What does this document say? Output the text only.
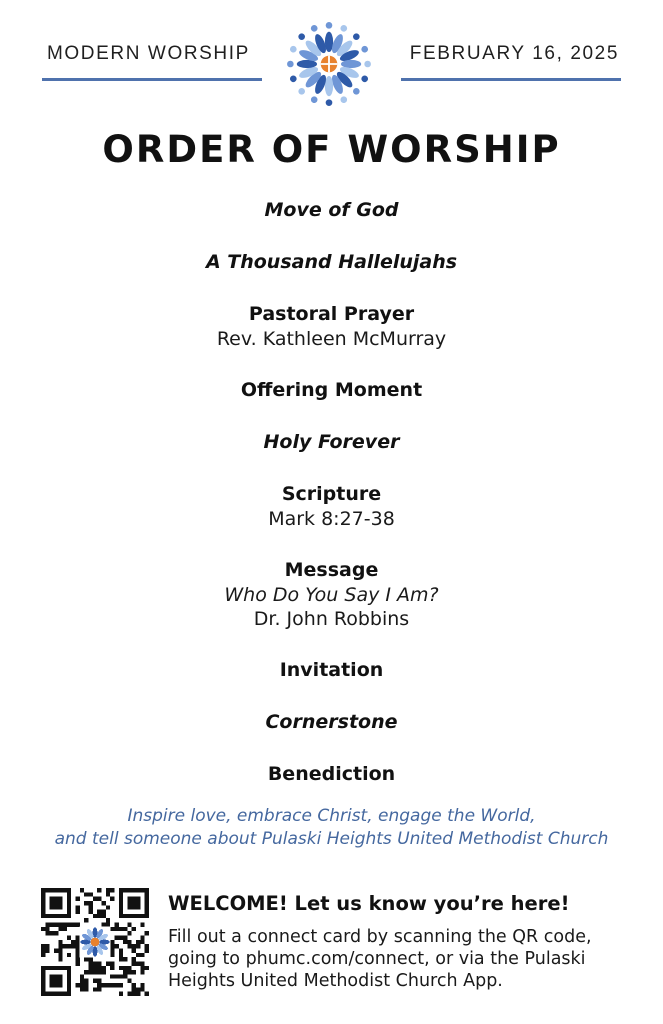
MODERN WORSHIP	FEBRUARY 16, 2025
ORDER OF WORSHIP
Move of God
A Thousand Hallelujahs
Pastoral Prayer
Rev. Kathleen McMurray
Offering Moment
Holy Forever
Scripture
Mark 8:27-38
Message
Who Do You Say I Am?
Dr. John Robbins
Invitation
Cornerstone
Benediction
Inspire love, embrace Christ, engage the World,
and tell someone about Pulaski Heights United Methodist Church
WELCOME! Let us know you’re here!
Fill out a connect card by scanning the QR code, going to phumc.com/connect, or via the Pulaski Heights United Methodist Church App.
